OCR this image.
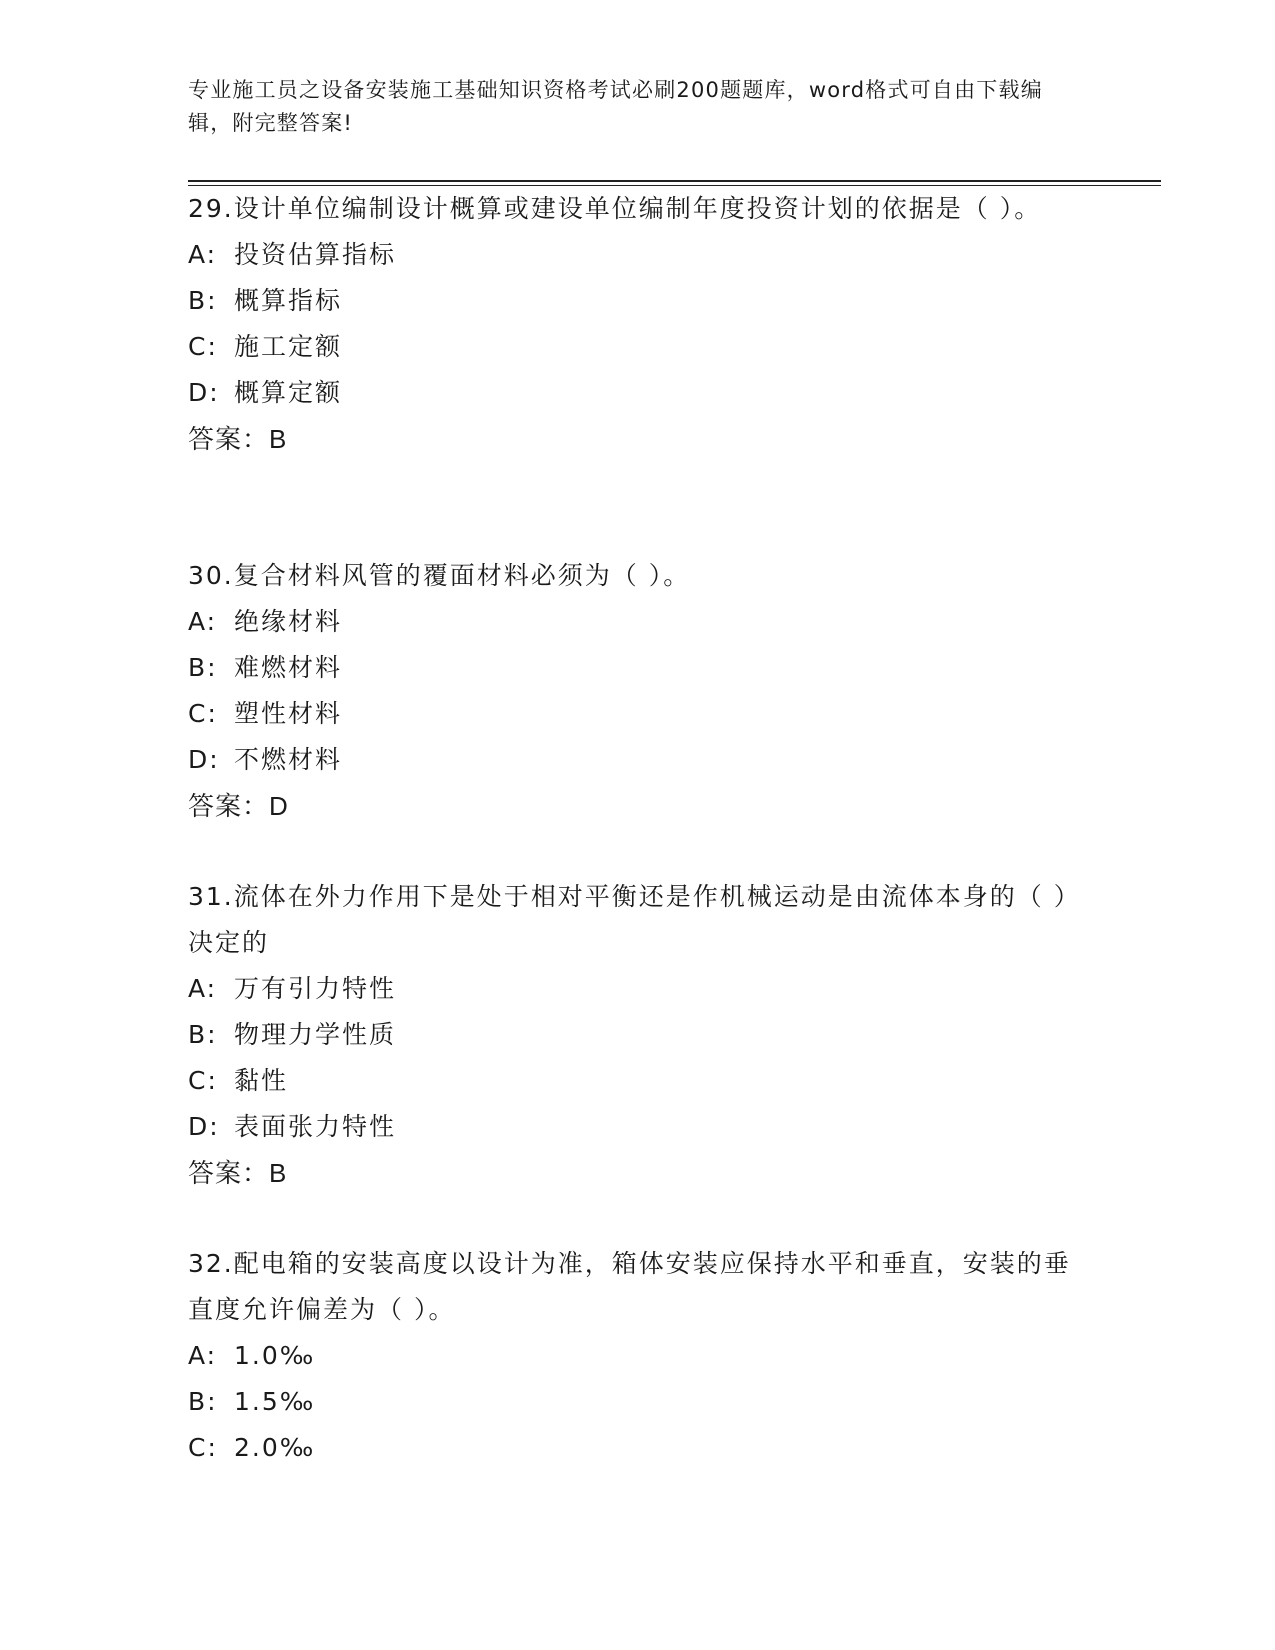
专业施工员之设备安装施工基础知识资格考试必刷200题题库，word格式可自由下载编辑，附完整答案!

29.设计单位编制设计概算或建设单位编制年度投资计划的依据是（ ）。

A: 投资估算指标

B: 概算指标

C: 施工定额

D: 概算定额

答案：B

30.复合材料风管的覆面材料必须为（ ）。

A: 绝缘材料

B: 难燃材料

C: 塑性材料

D: 不燃材料

答案：D

31.流体在外力作用下是处于相对平衡还是作机械运动是由流体本身的（ ）决定的

A: 万有引力特性

B: 物理力学性质

C: 黏性

D: 表面张力特性

答案：B

32.配电箱的安装高度以设计为准，箱体安装应保持水平和垂直，安装的垂直度允许偏差为（ ）。

A: 1.0‰

B: 1.5‰

C: 2.0‰
